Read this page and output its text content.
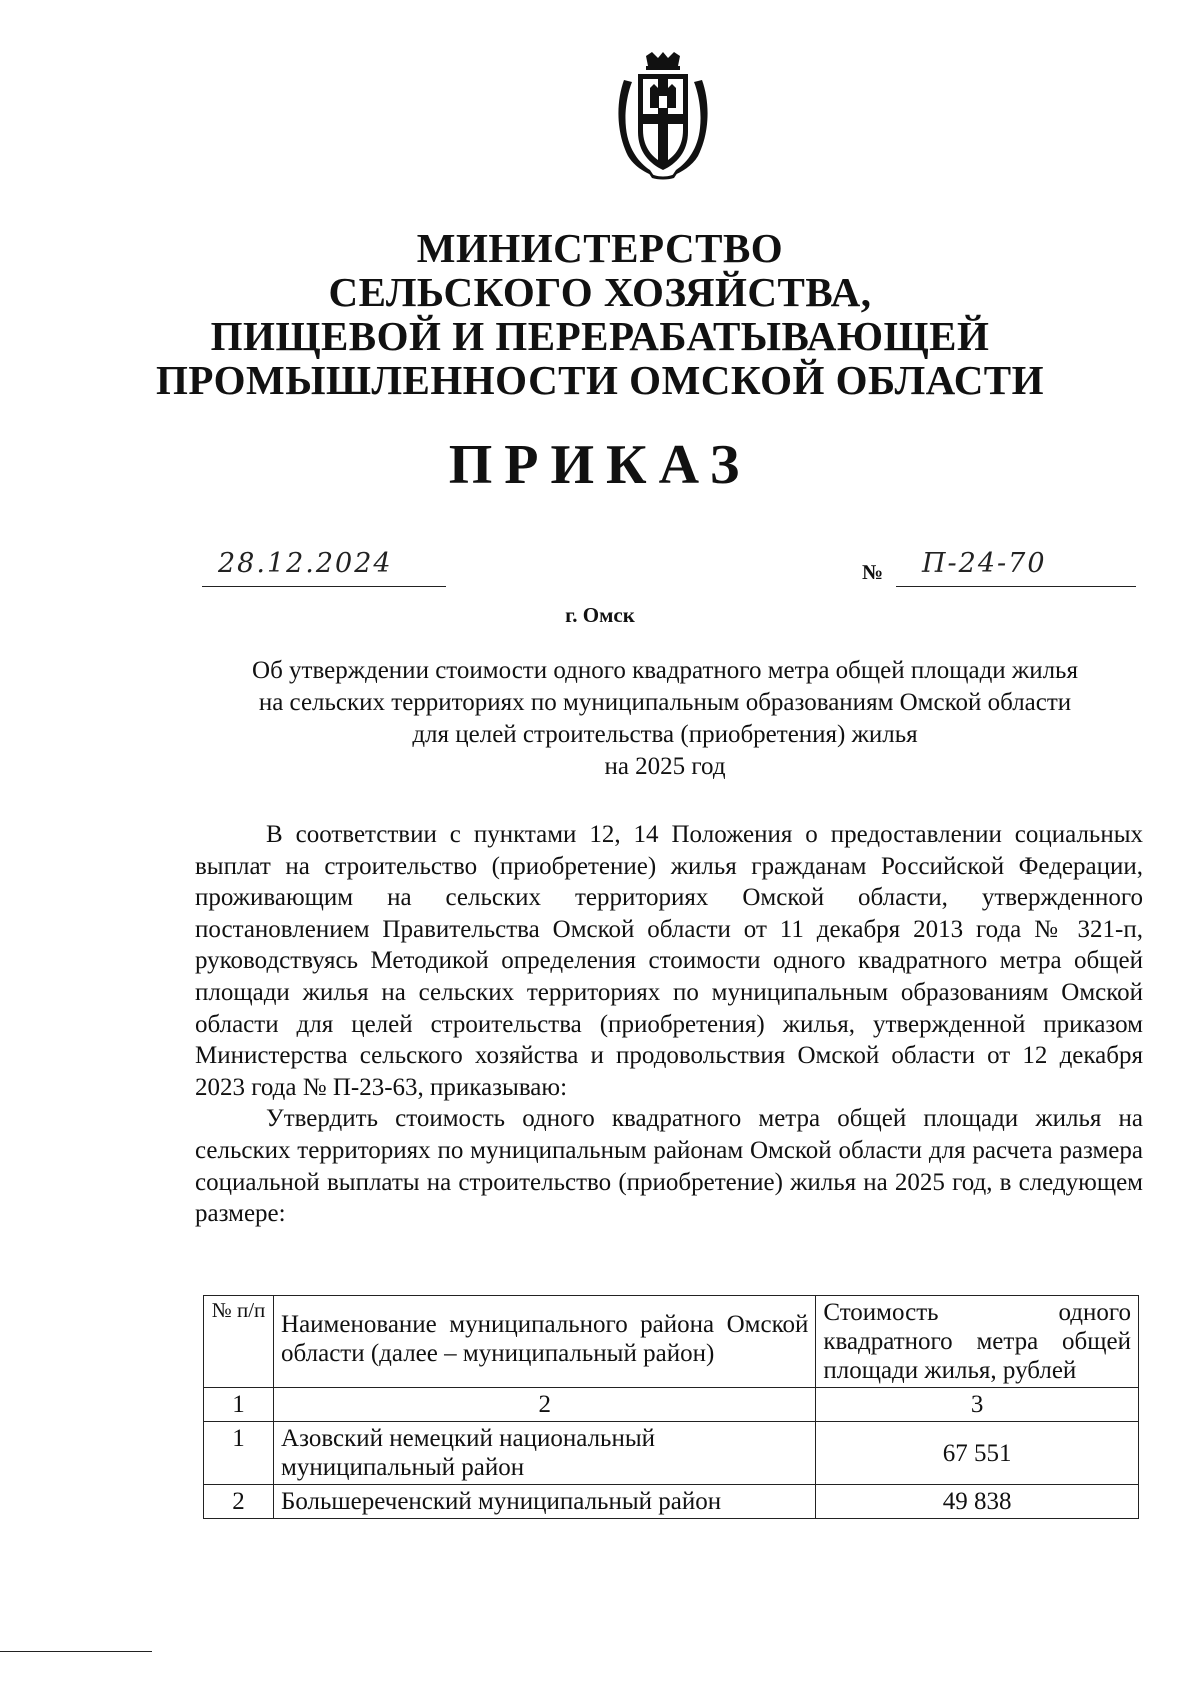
МИНИСТЕРСТВО
СЕЛЬСКОГО ХОЗЯЙСТВА,
ПИЩЕВОЙ И ПЕРЕРАБАТЫВАЮЩЕЙ
ПРОМЫШЛЕННОСТИ ОМСКОЙ ОБЛАСТИ
ПРИКАЗ
28.12.2024	№ П-24-70
г. Омск
Об утверждении стоимости одного квадратного метра общей площади жилья
на сельских территориях по муниципальным образованиям Омской области
для целей строительства (приобретения) жилья
на 2025 год

В соответствии с пунктами 12, 14 Положения о предоставлении социальных выплат на строительство (приобретение) жилья гражданам Российской Федерации, проживающим на сельских территориях Омской области, утвержденного постановлением Правительства Омской области от 11 декабря 2013 года № 321-п, руководствуясь Методикой определения стоимости одного квадратного метра общей площади жилья на сельских территориях по муниципальным образованиям Омской области для целей строительства (приобретения) жилья, утвержденной приказом Министерства сельского хозяйства и продовольствия Омской области от 12 декабря 2023 года № П-23-63, приказываю:

Утвердить стоимость одного квадратного метра общей площади жилья на сельских территориях по муниципальным районам Омской области для расчета размера социальной выплаты на строительство (приобретение) жилья на 2025 год, в следующем размере:

№ п/п	Наименование муниципального района Омской области (далее – муниципальный район)	Стоимость одного квадратного метра общей площади жилья, рублей
1	2	3
1	Азовский немецкий национальный муниципальный район	67 551
2	Большереченский муниципальный район	49 838
